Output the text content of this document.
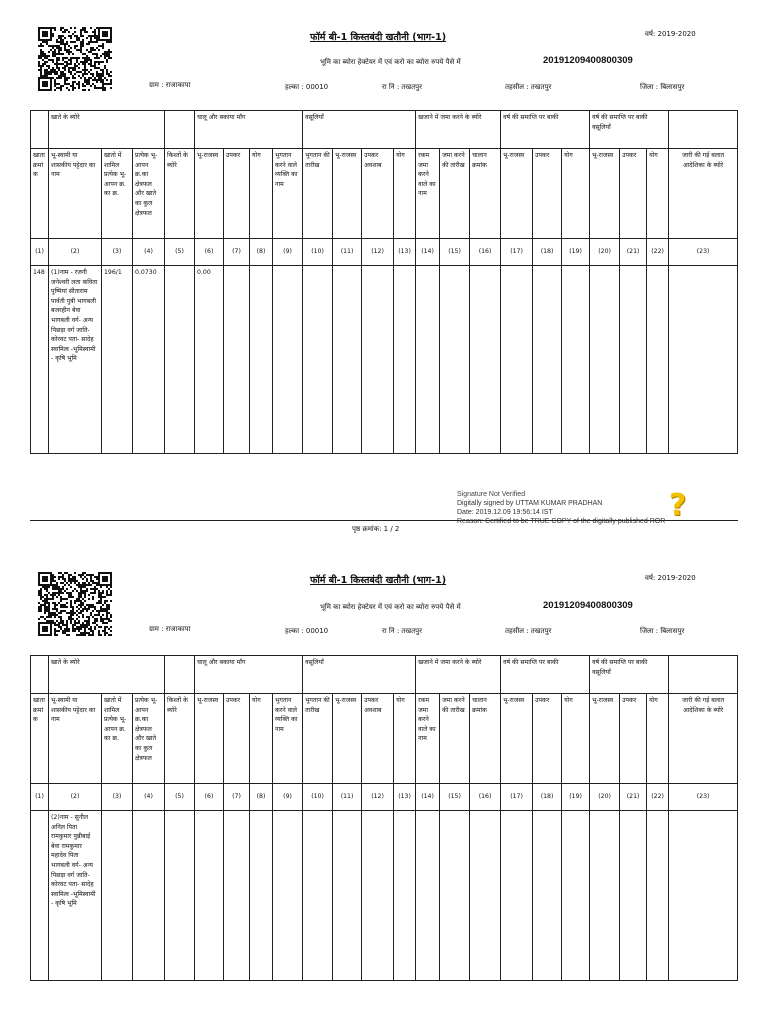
फॉर्म बी-1 किस्तबंदी खतौनी (भाग-1)	वर्ष: 2019-2020
भूमि का ब्योरा हेक्टेयर में एवं करो का ब्योरा रुपये पैसे में	20191209400800309
ग्राम : राजाकापा	हल्का : 00010	रा नि : तखतपुर	तहसील : तखतपुर	जिला : बिलासपुर
	खाते के ब्योरे				चालू और बकाया माँग				वसूलियाँ				खजाने में जमा करने के ब्योरे			वर्ष की समाप्ति पर बाकी			वर्ष की समाप्ति पर बाकी वसूलियाँ			
खाता क्रमांक	भू-स्वामी या शासकीय पट्टेदार का नाम	खातो में शामिल प्रत्येक भू-आपन क्र. का क्र.	प्रत्येक भू-आपन क्र.का क्षेत्रफल और खाते का कुल क्षेत्रफल	किश्तों के ब्योरे	भू-राजस्व	उपकर	योग	भुगतान करने वाले व्यक्ति का नाम	भुगतान की तारीख	भू-राजस्व	उपकर अवशाब	योग	रकम जमा करने वाले का नाम	जमा करने की तारीख	चालान क्रमांक	भू-राजस्व	उपकर	योग	भू-राजस्व	उपकर	योग	जारी की गई बलात आदेशिका के ब्योरे
(1)	(2)	(3)	(4)	(5)	(6)	(7)	(8)	(9)	(10)	(11)	(12)	(13)	(14)	(15)	(16)	(17)	(18)	(19)	(20)	(21)	(22)	(23)
148	(1)नाम - रजनी जनेश्वरी लता कविता पुष्पियां सीताराम पार्वती पुत्री भागबली बजरहीन बेवा भागबली वर्ग- अन्य पिछड़ा वर्ग जाति- ⁦कोरवट⁩ पता- सादेह स्वामित्व -भूमिस्वामी - कृषि भूमि	196/1	0.0730		0.00																	
Signature Not Verified
Digitally signed by UTTAM KUMAR PRADHAN
Date: 2019.12.09 19:56:14 IST
Reason: Certified to be TRUE COPY of the digitally published ROR ?
पृष्ठ क्रमांक: 1 / 2
फॉर्म बी-1 किस्तबंदी खतौनी (भाग-1)	वर्ष: 2019-2020
भूमि का ब्योरा हेक्टेयर में एवं करो का ब्योरा रुपये पैसे में	20191209400800309
ग्राम : राजाकापा	हल्का : 00010	रा नि : तखतपुर	तहसील : तखतपुर	जिला : बिलासपुर
	खाते के ब्योरे				चालू और बकाया माँग				वसूलियाँ				खजाने में जमा करने के ब्योरे			वर्ष की समाप्ति पर बाकी			वर्ष की समाप्ति पर बाकी वसूलियाँ			
खाता क्रमांक	भू-स्वामी या शासकीय पट्टेदार का नाम	खातो में शामिल प्रत्येक भू-आपन क्र. का क्र.	प्रत्येक भू-आपन क्र.का क्षेत्रफल और खाते का कुल क्षेत्रफल	किश्तों के ब्योरे	भू-राजस्व	उपकर	योग	भुगतान करने वाले व्यक्ति का नाम	भुगतान की तारीख	भू-राजस्व	उपकर अवशाब	योग	रकम जमा करने वाले का नाम	जमा करने की तारीख	चालान क्रमांक	भू-राजस्व	उपकर	योग	भू-राजस्व	उपकर	योग	जारी की गई बलात आदेशिका के ब्योरे
(1)	(2)	(3)	(4)	(5)	(6)	(7)	(8)	(9)	(10)	(11)	(12)	(13)	(14)	(15)	(16)	(17)	(18)	(19)	(20)	(21)	(22)	(23)
	(2)नाम - सुनील अनिल पिता रामकुमार पुन्नीबाई बेवा रामकुमार महादेव पिता भागबली वर्ग- अन्य पिछड़ा वर्ग जाति- ⁦कोरवट⁩ पता- सादेह स्वामित्व -भूमिस्वामी - कृषि भूमि																					
